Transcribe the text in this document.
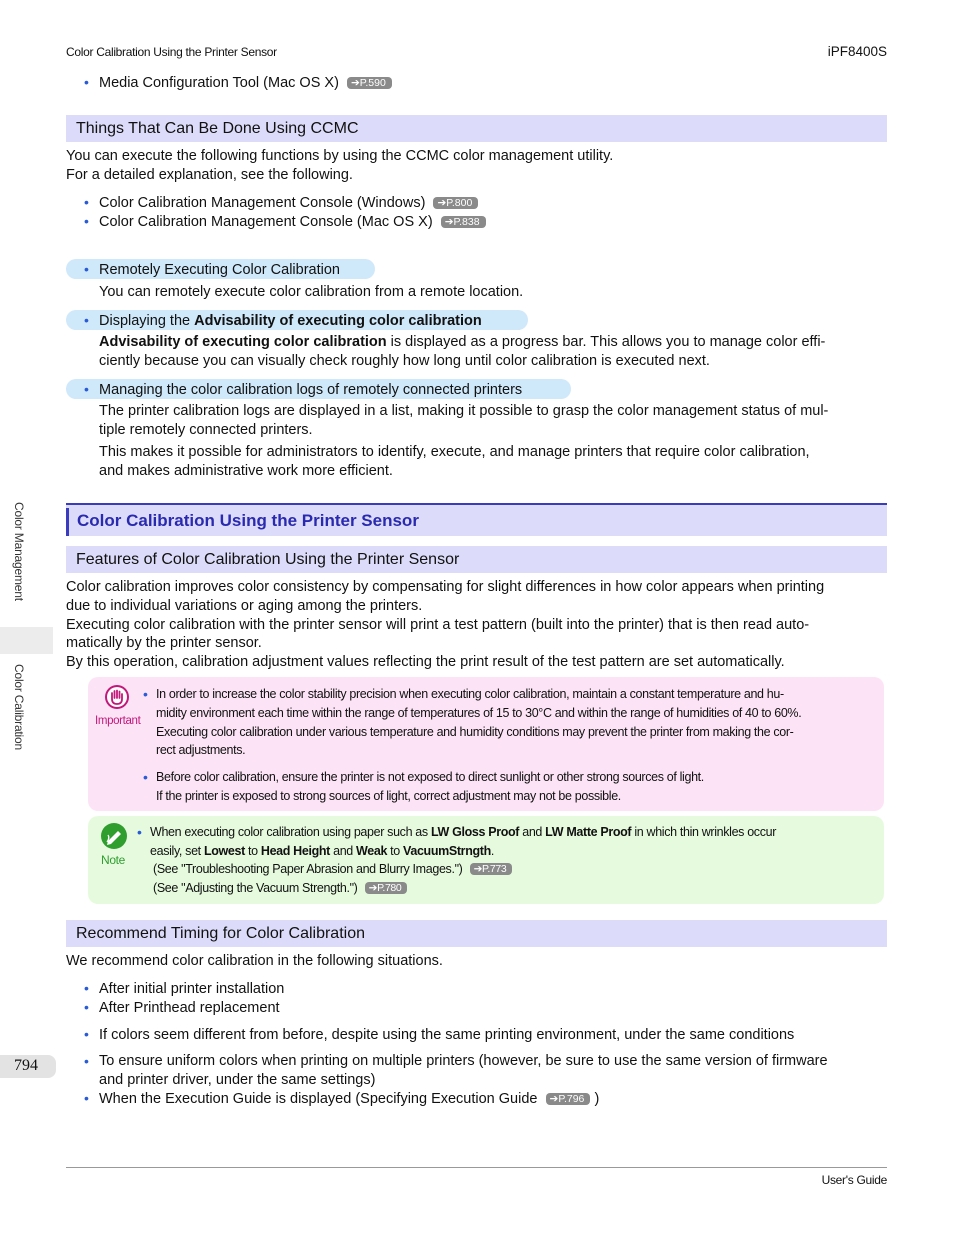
Color Calibration Using the Printer Sensor	iPF8400S
Color Management
Color Calibration
794
• Media Configuration Tool (Mac OS X) ➔P.590
Things That Can Be Done Using CCMC
You can execute the following functions by using the CCMC color management utility.
For a detailed explanation, see the following.
• Color Calibration Management Console (Windows) ➔P.800
• Color Calibration Management Console (Mac OS X) ➔P.838
• Remotely Executing Color Calibration
You can remotely execute color calibration from a remote location.
• Displaying the Advisability of executing color calibration
Advisability of executing color calibration is displayed as a progress bar. This allows you to manage color effi-
ciently because you can visually check roughly how long until color calibration is executed next.
• Managing the color calibration logs of remotely connected printers
The printer calibration logs are displayed in a list, making it possible to grasp the color management status of mul-
tiple remotely connected printers.
This makes it possible for administrators to identify, execute, and manage printers that require color calibration,
and makes administrative work more efficient.
Color Calibration Using the Printer Sensor
Features of Color Calibration Using the Printer Sensor
Color calibration improves color consistency by compensating for slight differences in how color appears when printing
due to individual variations or aging among the printers.
Executing color calibration with the printer sensor will print a test pattern (built into the printer) that is then read auto-
matically by the printer sensor.
By this operation, calibration adjustment values reflecting the print result of the test pattern are set automatically.
Important
• In order to increase the color stability precision when executing color calibration, maintain a constant temperature and hu-
midity environment each time within the range of temperatures of 15 to 30°C and within the range of humidities of 40 to 60%.
Executing color calibration under various temperature and humidity conditions may prevent the printer from making the cor-
rect adjustments.
• Before color calibration, ensure the printer is not exposed to direct sunlight or other strong sources of light.
If the printer is exposed to strong sources of light, correct adjustment may not be possible.
Note
• When executing color calibration using paper such as LW Gloss Proof and LW Matte Proof in which thin wrinkles occur
easily, set Lowest to Head Height and Weak to VacuumStrngth.
(See "Troubleshooting Paper Abrasion and Blurry Images.") ➔P.773
(See "Adjusting the Vacuum Strength.") ➔P.780
Recommend Timing for Color Calibration
We recommend color calibration in the following situations.
• After initial printer installation
• After Printhead replacement
• If colors seem different from before, despite using the same printing environment, under the same conditions
• To ensure uniform colors when printing on multiple printers (however, be sure to use the same version of firmware
and printer driver, under the same settings)
• When the Execution Guide is displayed (Specifying Execution Guide ➔P.796 )
User's Guide
